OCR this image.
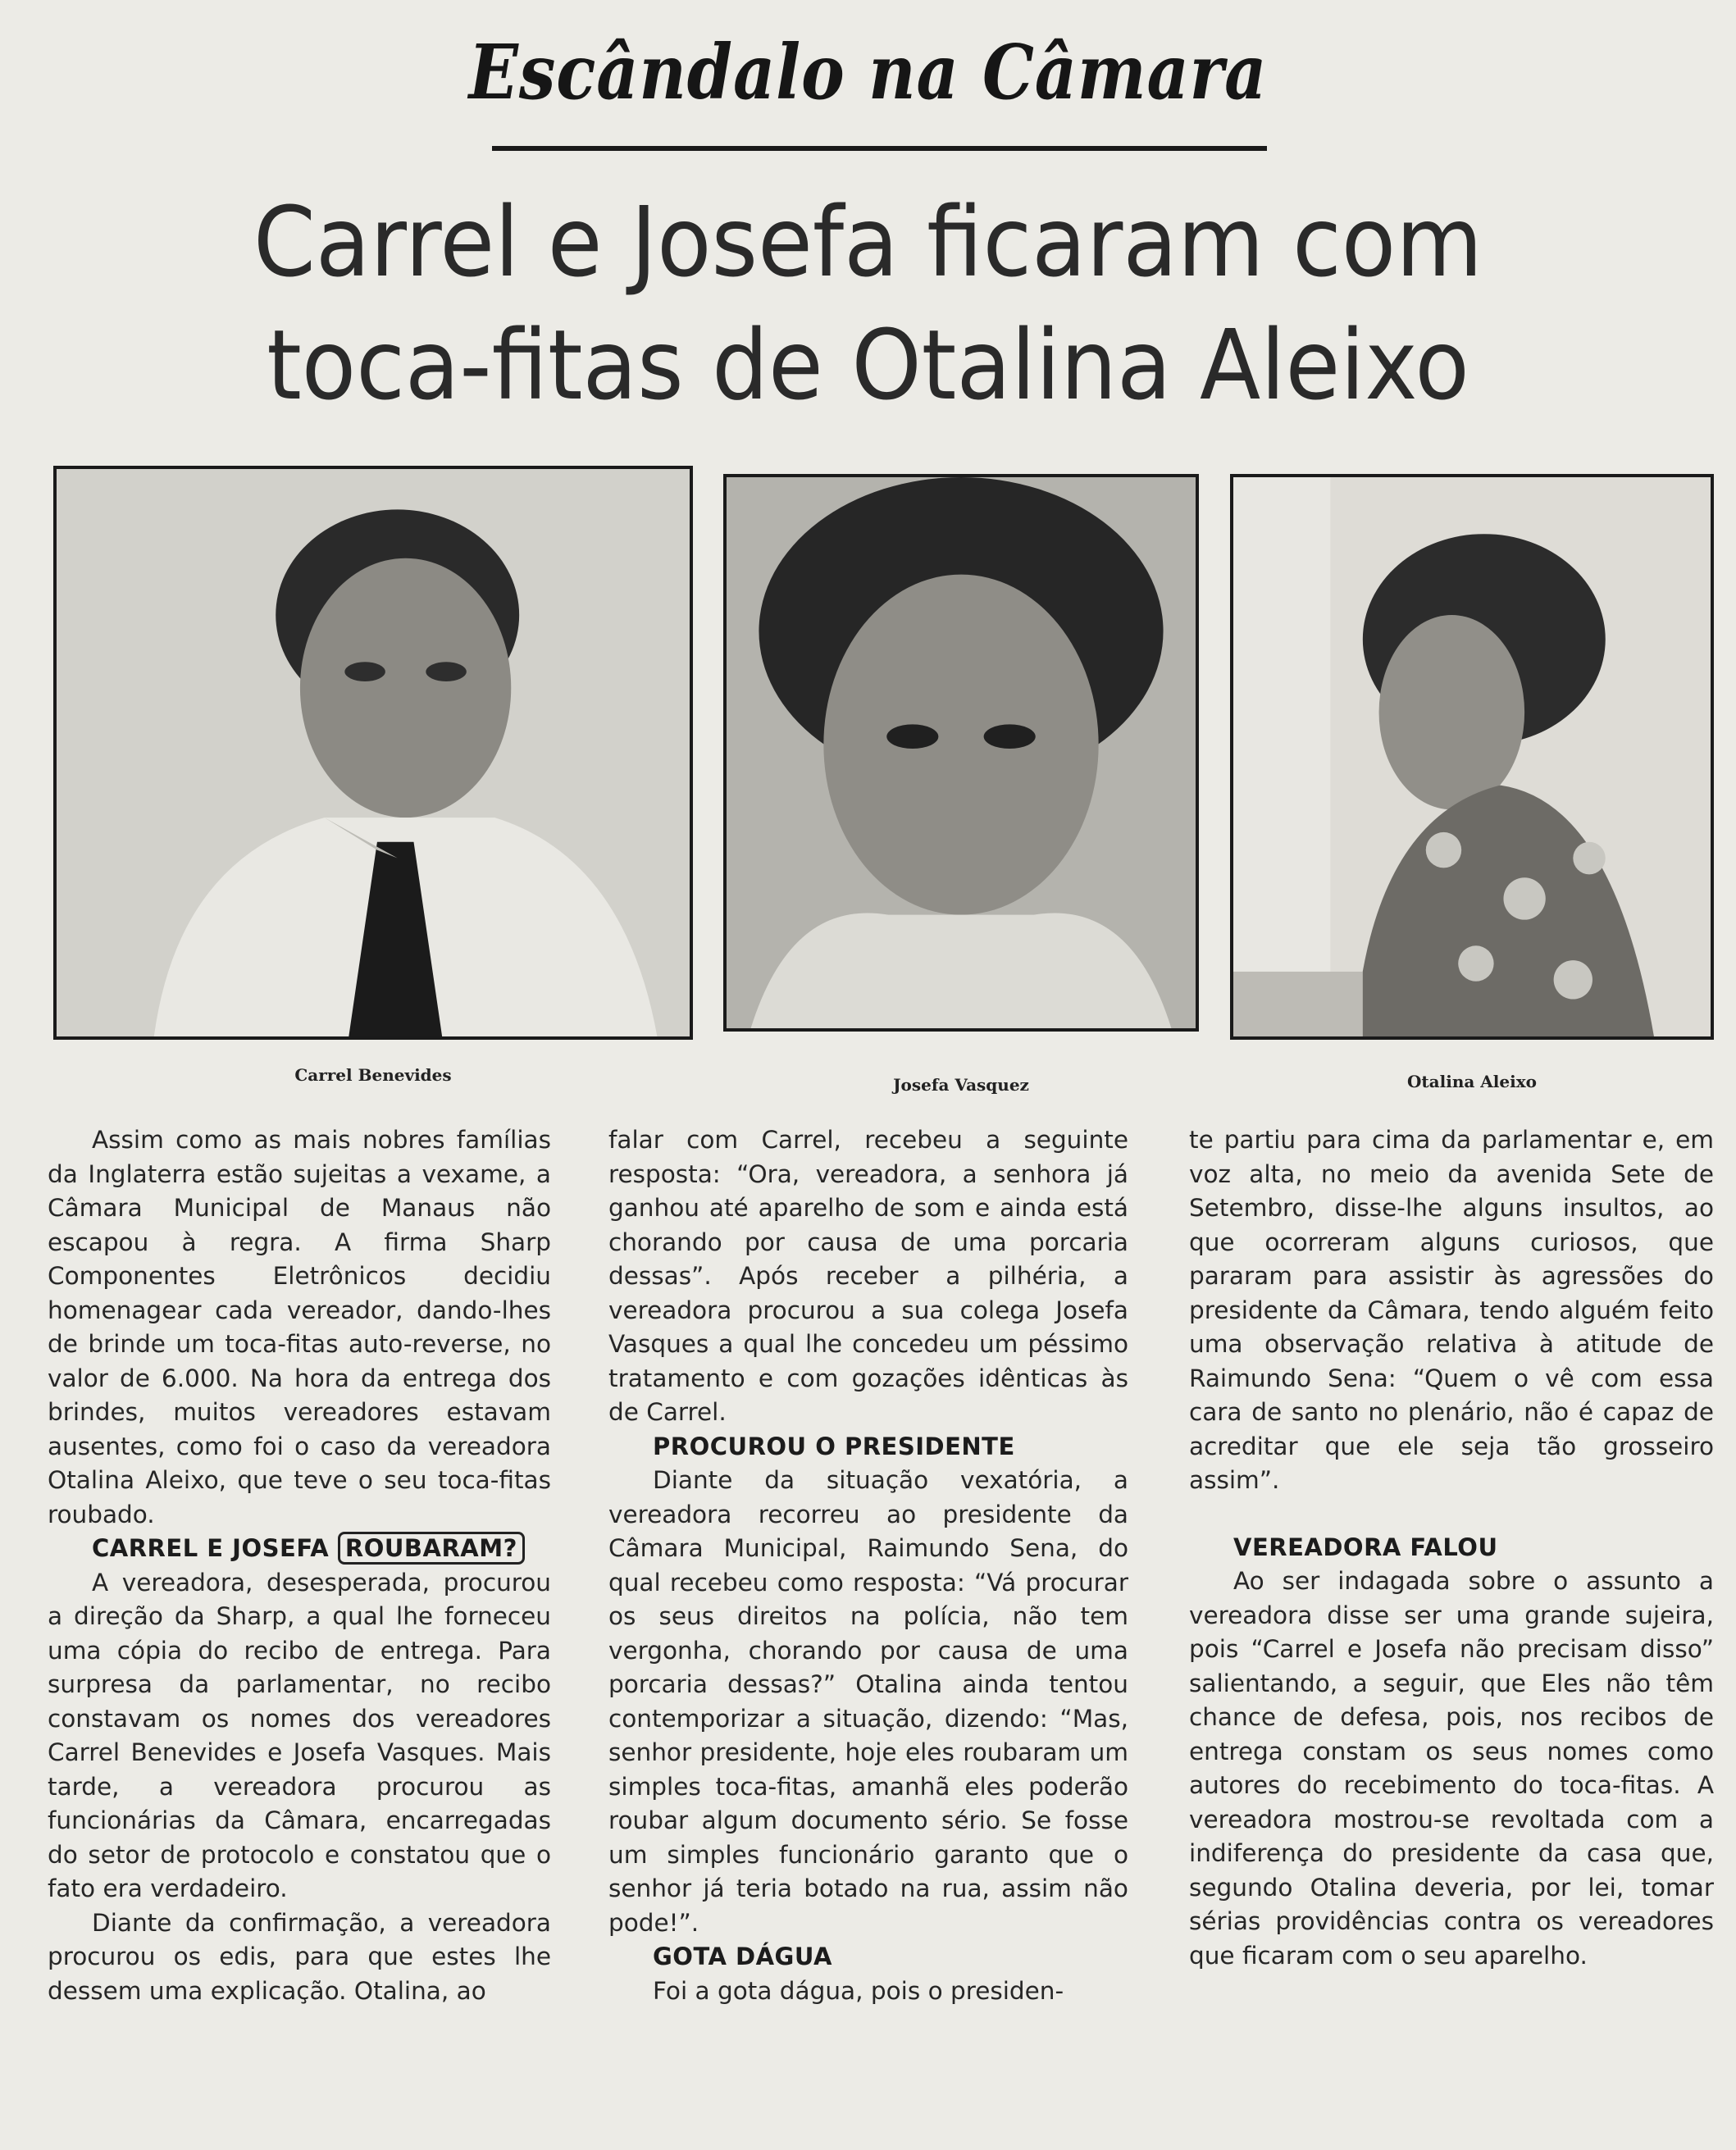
Escândalo na Câmara
Carrel e Josefa ficaram com
toca-fitas de Otalina Aleixo
Carrel Benevides	Josefa Vasquez	Otalina Aleixo

Assim como as mais nobres famílias da Inglaterra estão sujeitas a vexame, a Câmara Municipal de Manaus não escapou à regra. A firma Sharp Componentes Eletrônicos decidiu homenagear cada vereador, dando-lhes de brinde um toca-fitas auto-reverse, no valor de 6.000. Na hora da entrega dos brindes, muitos vereadores estavam ausentes, como foi o caso da vereadora Otalina Aleixo, que teve o seu toca-fitas roubado.

CARREL E JOSEFA ROUBARAM?

A vereadora, desesperada, procurou a direção da Sharp, a qual lhe forneceu uma cópia do recibo de entrega. Para surpresa da parlamentar, no recibo constavam os nomes dos vereadores Carrel Benevides e Josefa Vasques. Mais tarde, a vereadora procurou as funcionárias da Câmara, encarregadas do setor de protocolo e constatou que o fato era verdadeiro.

Diante da confirmação, a vereadora procurou os edis, para que estes lhe dessem uma explicação. Otalina, ao

falar com Carrel, recebeu a seguinte resposta: “Ora, vereadora, a senhora já ganhou até aparelho de som e ainda está chorando por causa de uma porcaria dessas”. Após receber a pilhéria, a vereadora procurou a sua colega Josefa Vasques a qual lhe concedeu um péssimo tratamento e com gozações idênticas às de Carrel.

PROCUROU O PRESIDENTE

Diante da situação vexatória, a vereadora recorreu ao presidente da Câmara Municipal, Raimundo Sena, do qual recebeu como resposta: “Vá procurar os seus direitos na polícia, não tem vergonha, chorando por causa de uma porcaria dessas?” Otalina ainda tentou contemporizar a situação, dizendo: “Mas, senhor presidente, hoje eles roubaram um simples toca-fitas, amanhã eles poderão roubar algum documento sério. Se fosse um simples funcionário garanto que o senhor já teria botado na rua, assim não pode!”.

GOTA DÁGUA

Foi a gota dágua, pois o presiden-

te partiu para cima da parlamentar e, em voz alta, no meio da avenida Sete de Setembro, disse-lhe alguns insultos, ao que ocorreram alguns curiosos, que pararam para assistir às agressões do presidente da Câmara, tendo alguém feito uma observação relativa à atitude de Raimundo Sena: “Quem o vê com essa cara de santo no plenário, não é capaz de acreditar que ele seja tão grosseiro assim”.

VEREADORA FALOU

Ao ser indagada sobre o assunto a vereadora disse ser uma grande sujeira, pois “Carrel e Josefa não precisam disso” salientando, a seguir, que Eles não têm chance de defesa, pois, nos recibos de entrega constam os seus nomes como autores do recebimento do toca-fitas. A vereadora mostrou-se revoltada com a indiferença do presidente da casa que, segundo Otalina deveria, por lei, tomar sérias providências contra os vereadores que ficaram com o seu aparelho.
